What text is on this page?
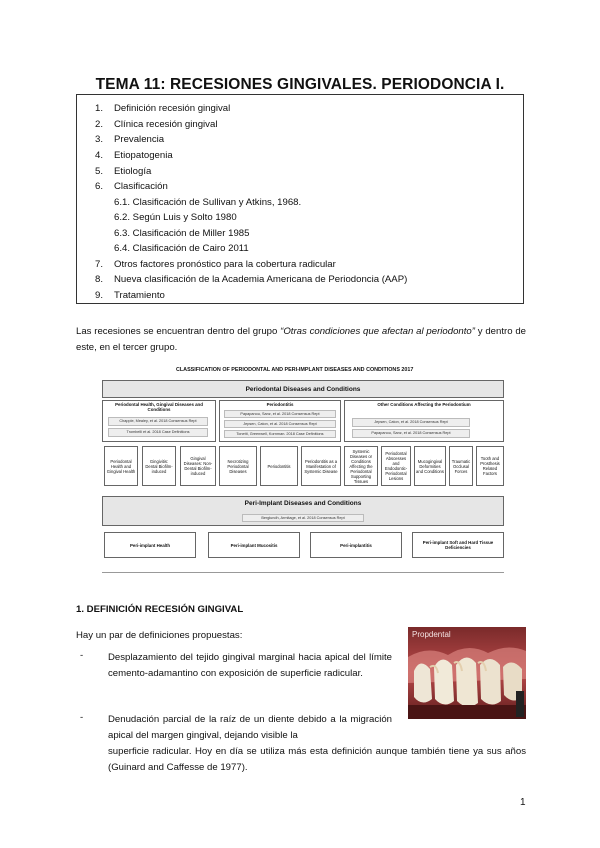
TEMA 11: RECESIONES GINGIVALES. PERIODONCIA I.
1. Definición recesión gingival
2. Clínica recesión gingival
3. Prevalencia
4. Etiopatogenia
5. Etiología
6. Clasificación
6.1. Clasificación de Sullivan y Atkins, 1968.
6.2. Según Luis y Solto 1980
6.3. Clasificación de Miller 1985
6.4. Clasificación de Cairo 2011
7. Otros factores pronóstico para la cobertura radicular
8. Nueva clasificación de la Academia Americana de Periodoncia (AAP)
9. Tratamiento
Las recesiones se encuentran dentro del grupo “Otras condiciones que afectan al periodonto” y dentro de este, en el tercer grupo.
CLASSIFICATION OF PERIODONTAL AND PERI-IMPLANT DISEASES AND CONDITIONS 2017
Periodontal Diseases and Conditions
Periodontal Health, Gingival Diseases and Conditions
Chapple, Mealey, et al. 2018 Consensus Rept
Trombelli et al. 2018 Case Definitions
Periodontitis
Papapanou, Sanz, et al. 2018 Consensus Rept
Jepsen, Caton, et al. 2018 Consensus Rept
Tonetti, Greenwell, Kornman. 2018 Case Definitions
Other Conditions Affecting the Periodontium
Jepsen, Caton, et al. 2018 Consensus Rept
Papapanou, Sanz, et al. 2018 Consensus Rept
Periodontal Health and Gingival Health
Gingivitis: Dental Biofilm-induced
Gingival Diseases: Non-Dental Biofilm-induced
Necrotizing Periodontal Diseases
Periodontitis
Periodontitis as a Manifestation of Systemic Disease
Systemic Diseases or Conditions Affecting the Periodontal Supporting Tissues
Periodontal Abscesses and Endodontic-Periodontal Lesions
Mucogingival Deformities and Conditions
Traumatic Occlusal Forces
Tooth and Prosthesis Related Factors
Peri-Implant Diseases and Conditions
Berglundh, Armitage, et al. 2018 Consensus Rept
Peri-implant Health	Peri-implant Mucositis	Peri-implantitis	Peri-implant Soft and Hard Tissue Deficiencies
1. DEFINICIÓN RECESIÓN GINGIVAL
Hay un par de definiciones propuestas:
-	Desplazamiento del tejido gingival marginal hacia apical del límite cemento-adamantino con exposición de superficie radicular.
-	Denudación parcial de la raíz de un diente debido a la migración apical del margen gingival, dejando visible la
superficie radicular. Hoy en día se utiliza más esta definición aunque también tiene ya sus años (Guinard and Caffesse de 1977).
Propdental
1
